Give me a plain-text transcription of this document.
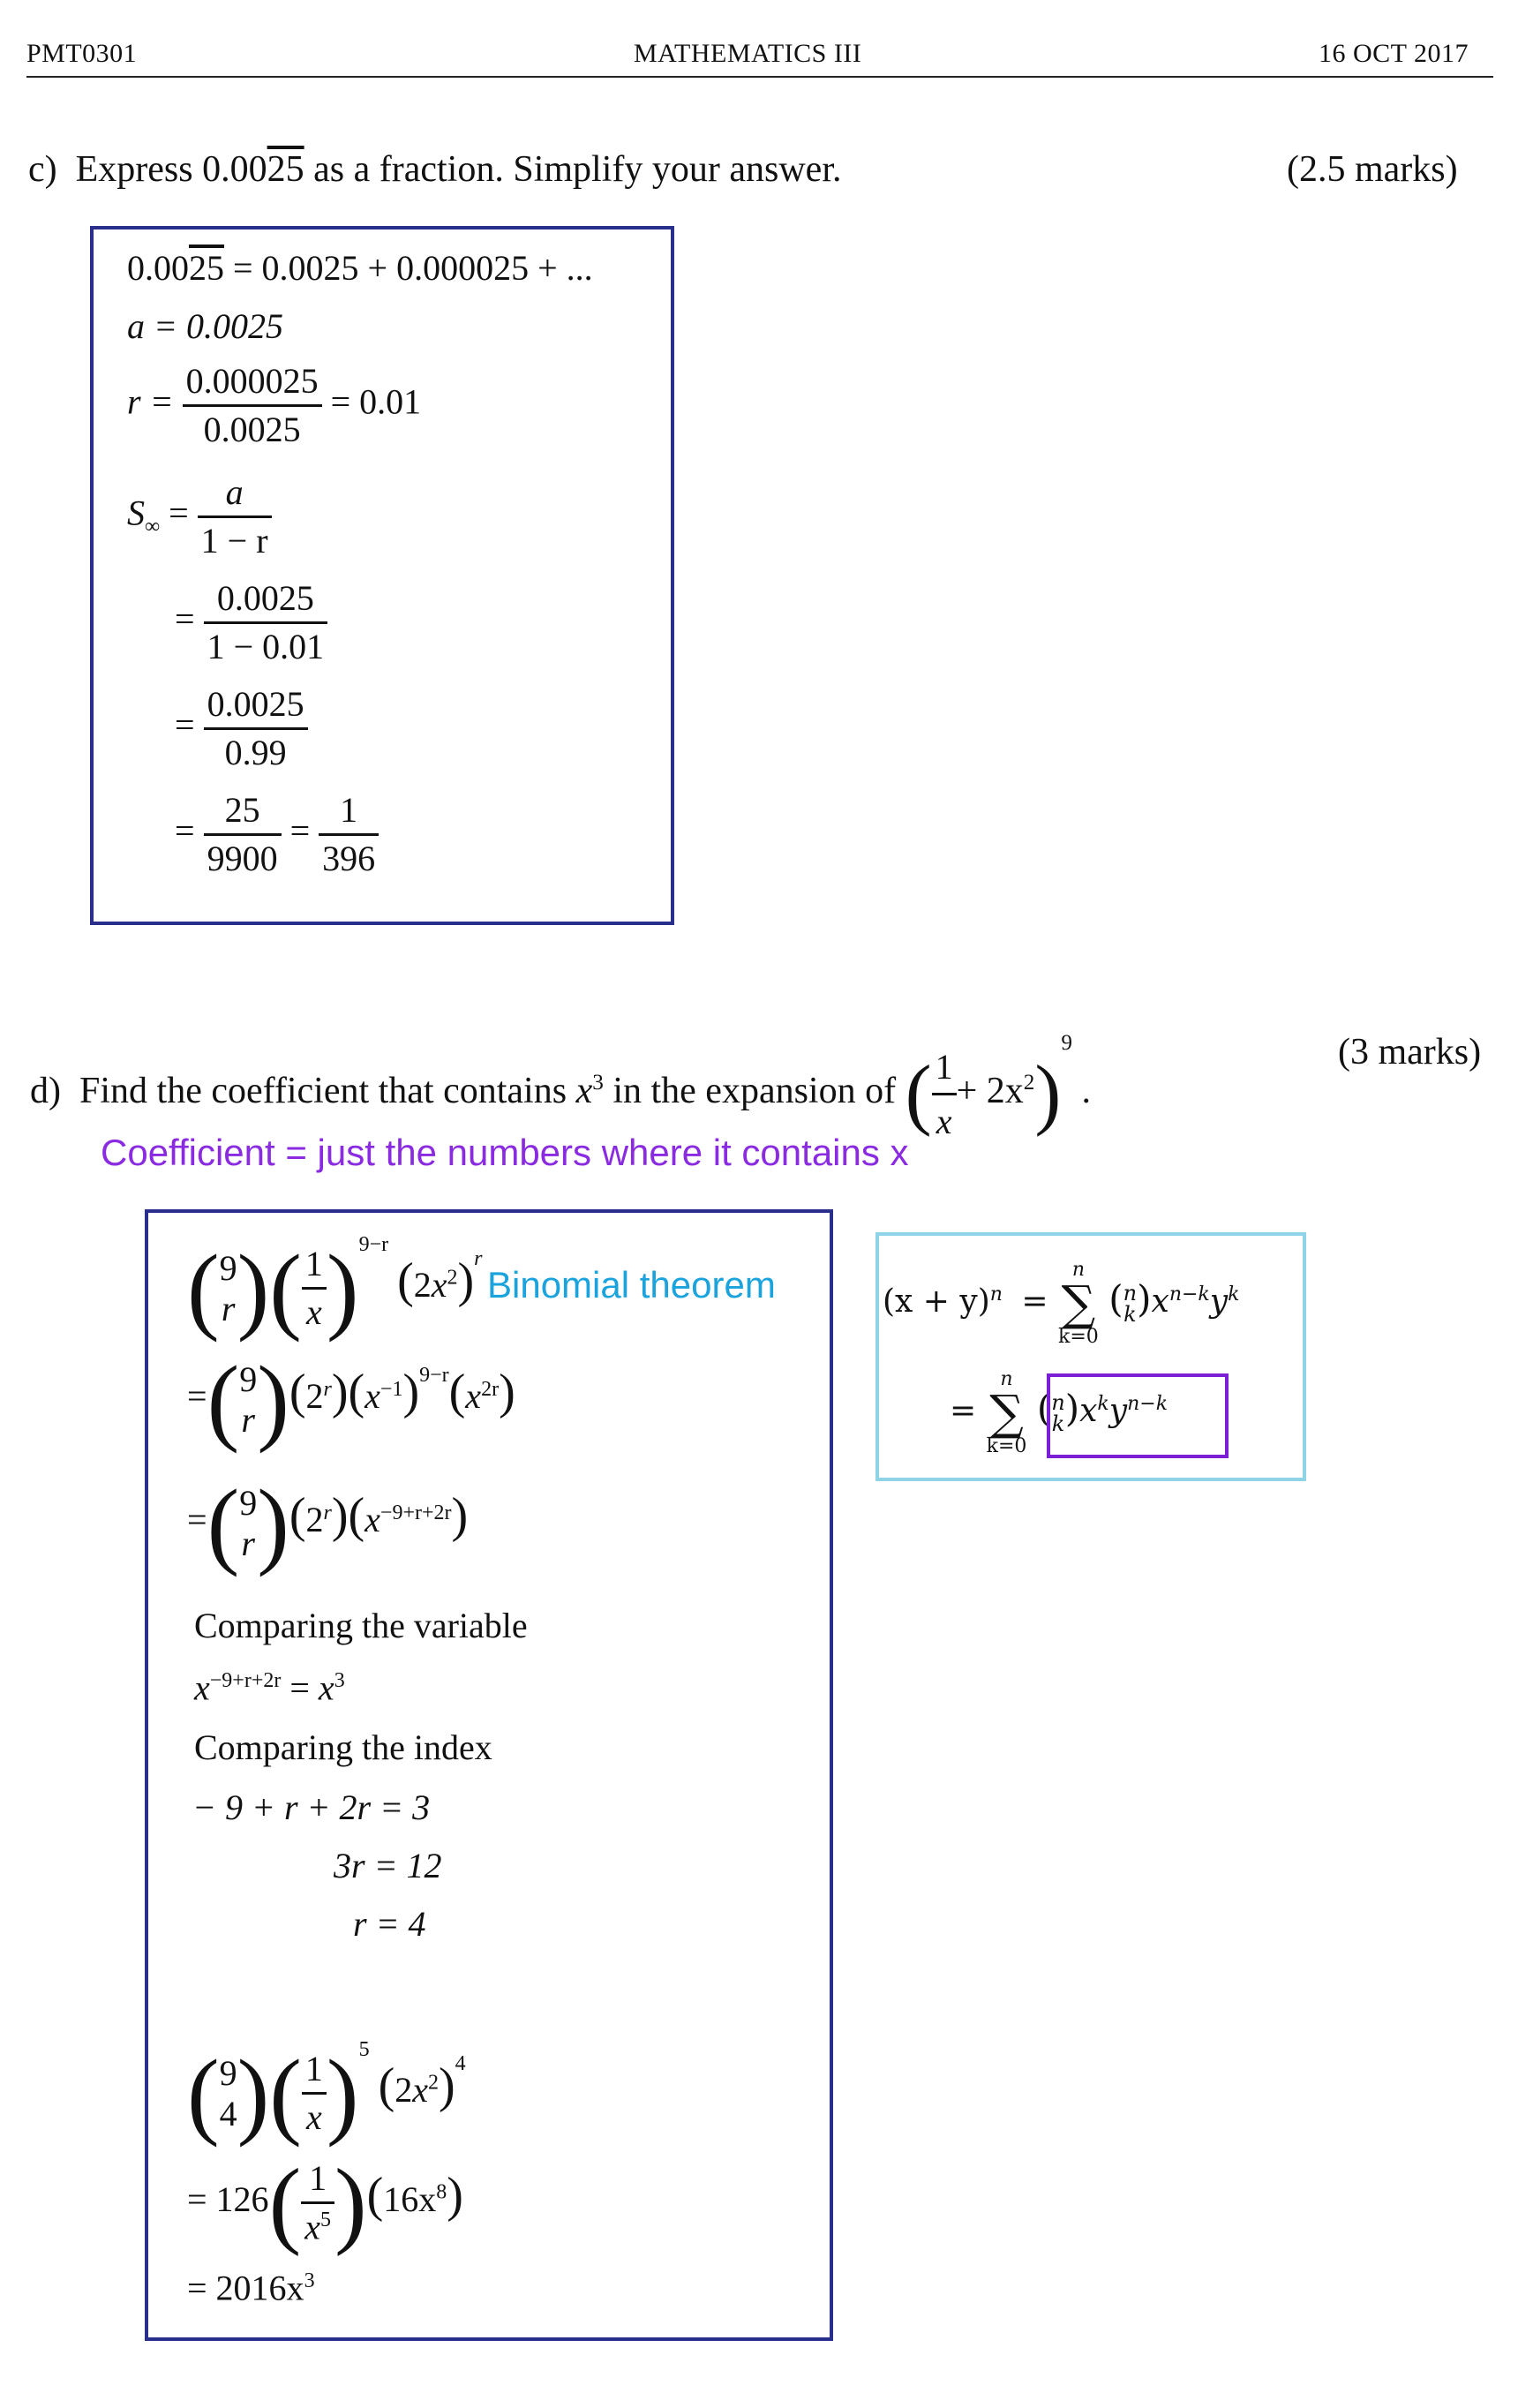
PMT0301	MATHEMATICS III	16 OCT 2017
c) Express 0.0025 as a fraction. Simplify your answer.	(2.5 marks)
0.0025 = 0.0025 + 0.000025 + ...
a = 0.0025
$r = \frac{0.000025}{0.0025} = 0.01$
$S_\infty = \frac{a}{1 - r}$
= $\frac{0.0025}{1 - 0.01}$
= $\frac{0.0025}{0.99}$
= $\frac{25}{9900} = \frac{1}{396}$
d) Find the coefficient that contains $x^3$ in the expansion of ( $\frac{1}{x} + 2x^2)^9$ .
(3 marks)
Coefficient = just the numbers where it contains x
( 9
r )( $\frac{1}{x} )^{9-r}$ $(2x^2)^r$
Binomial theorem
=( 9
r )$(2^r)(x^{-1})^{9-r}(x^{2r})$
=( 9
r )$(2^r)(x^{-9+r+2r})$
Comparing the variable
$x^{-9+r+2r} = x^3$
Comparing the index
− 9 + r + 2r = 3
3r = 12
r = 4
( 9
4 )( $\frac{1}{x} )^5$ $(2x^2)^4$
= $126( \frac{1}{x^5} )(16x^8)$
= $2016x^3$
$(x + y)^n$ =
n
∑
k=0
( n
k )$x^{n-k}y^k$
=
n
∑
k=0
( n
k )$x^ky^{n-k}$
